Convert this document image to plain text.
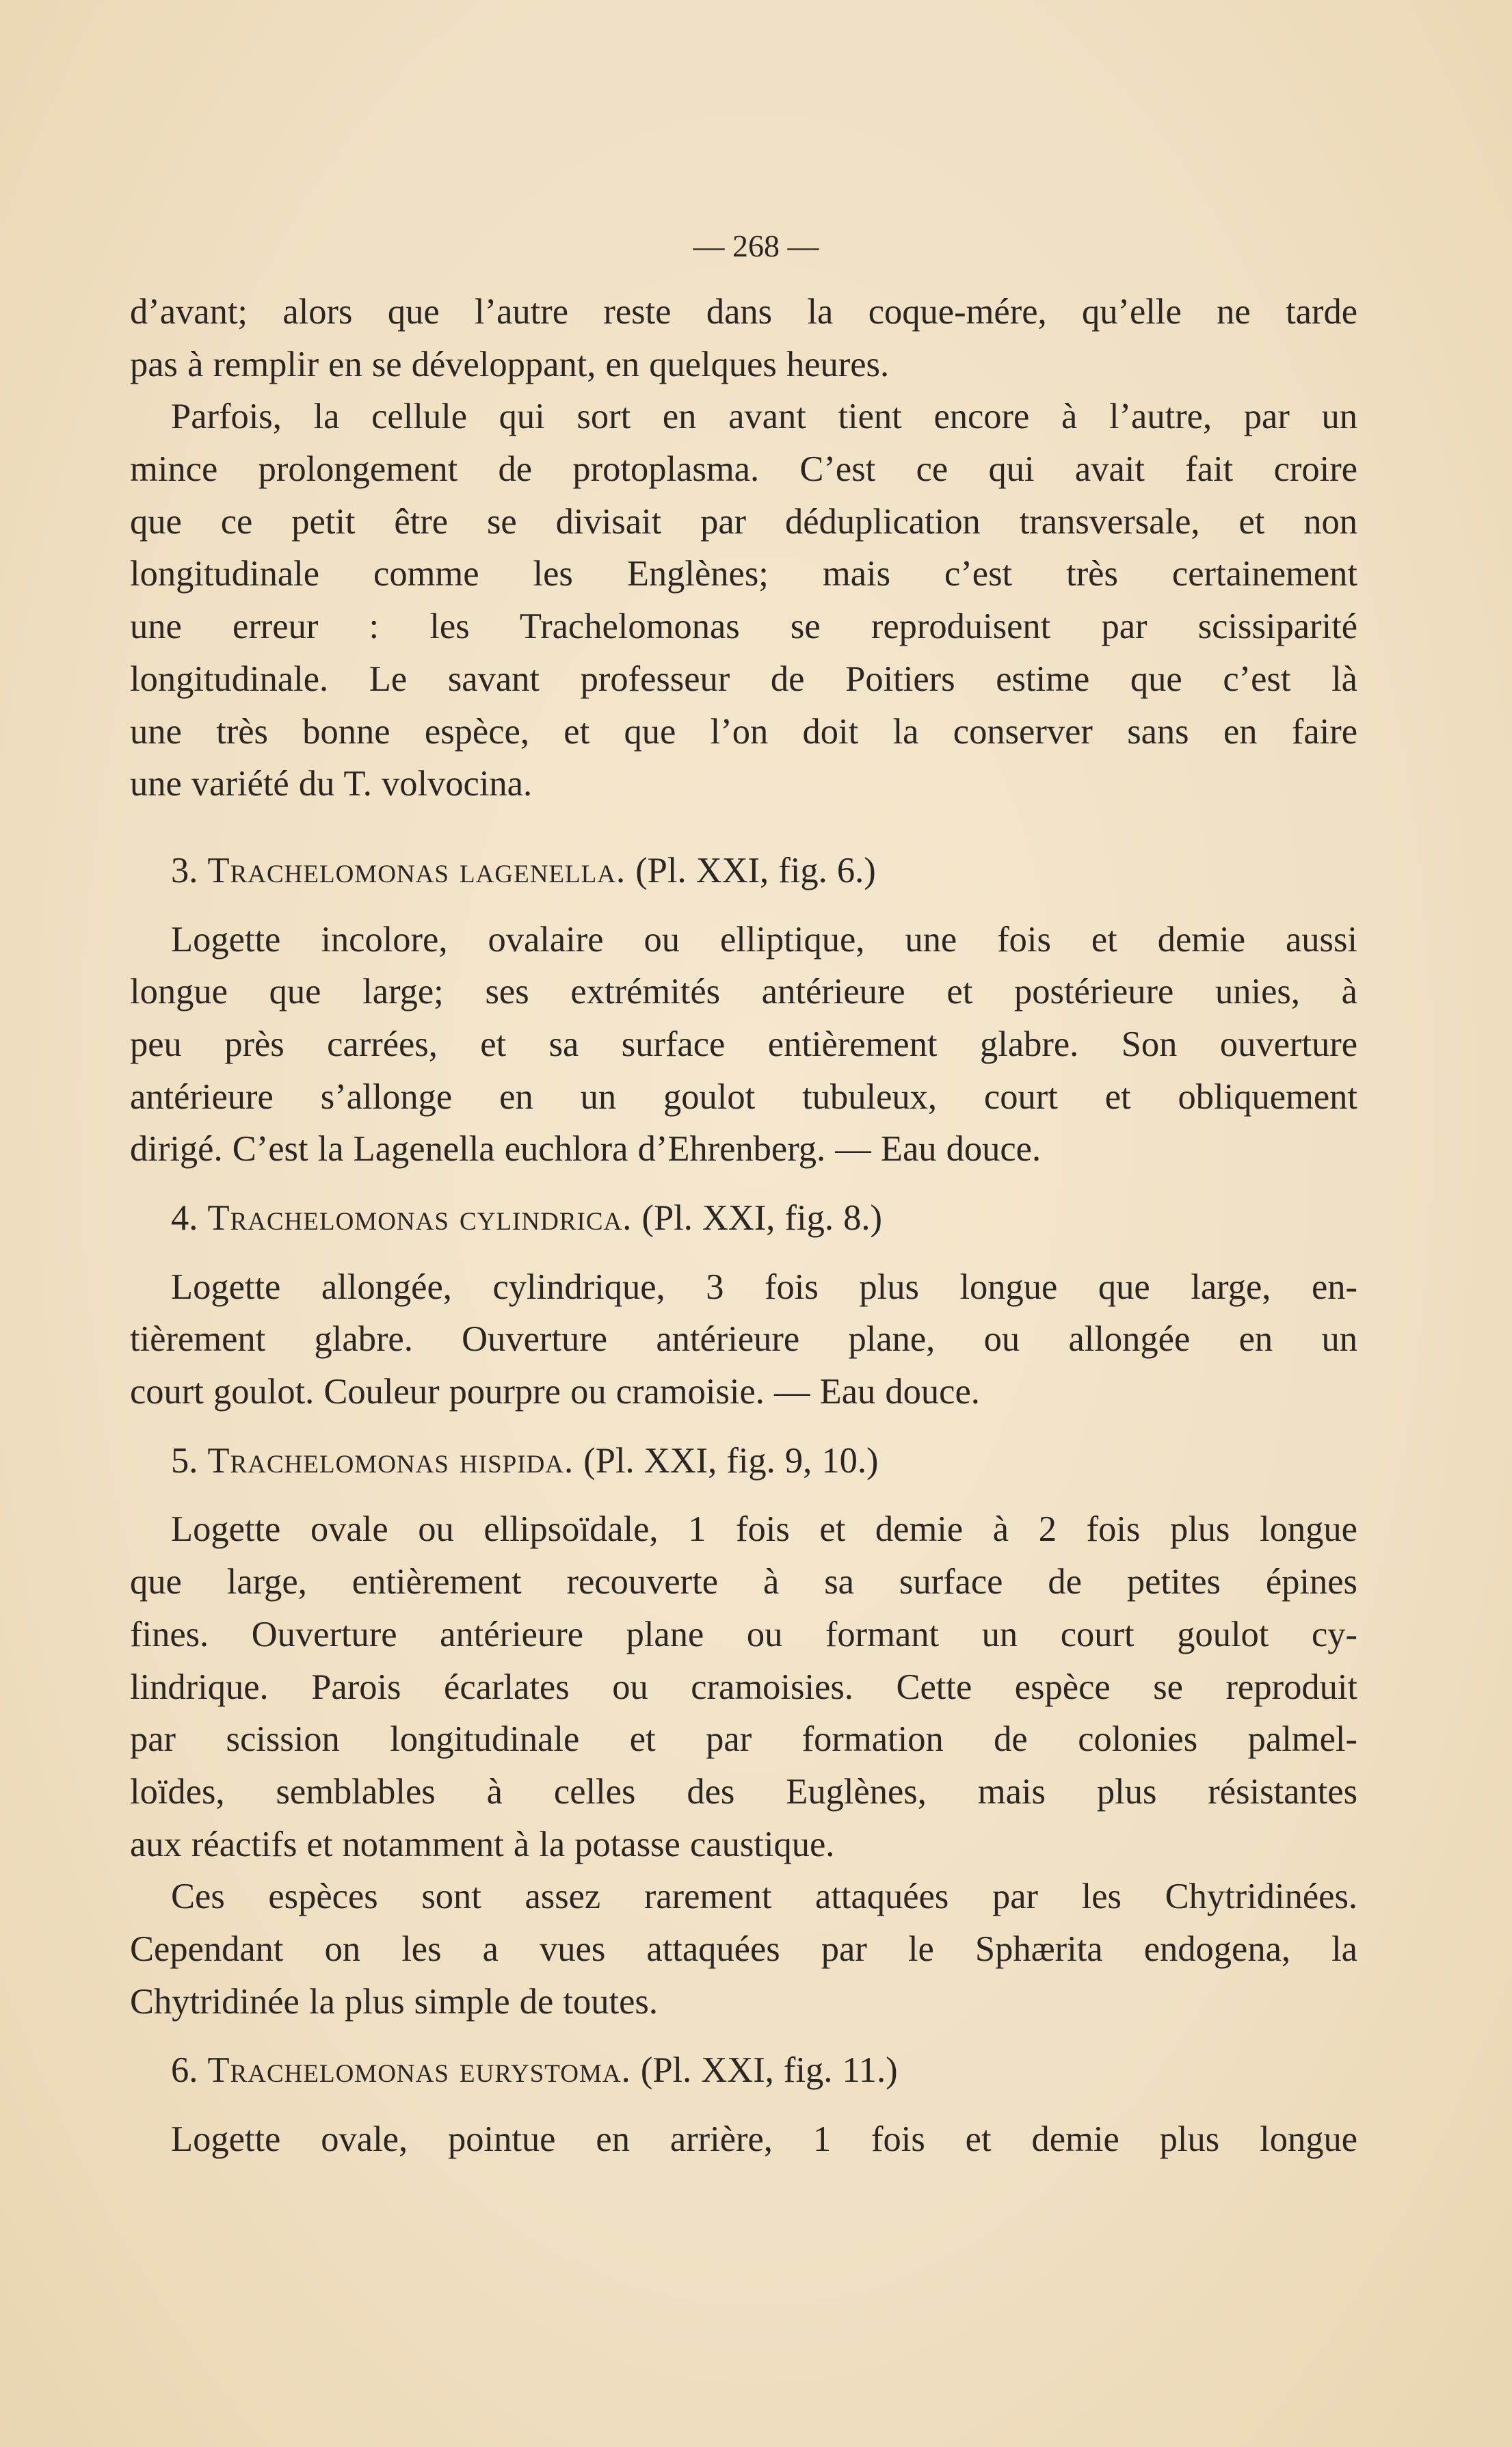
— 268 —
d’avant; alors que l’autre reste dans la coque-mére, qu’elle ne tarde
pas à remplir en se développant, en quelques heures.
Parfois, la cellule qui sort en avant tient encore à l’autre, par un
mince prolongement de protoplasma. C’est ce qui avait fait croire
que ce petit être se divisait par déduplication transversale, et non
longitudinale comme les Englènes; mais c’est très certainement
une erreur : les Trachelomonas se reproduisent par scissiparité
longitudinale. Le savant professeur de Poitiers estime que c’est là
une très bonne espèce, et que l’on doit la conserver sans en faire
une variété du T. volvocina.
3. Trachelomonas lagenella. (Pl. XXI, fig. 6.)
Logette incolore, ovalaire ou elliptique, une fois et demie aussi
longue que large; ses extrémités antérieure et postérieure unies, à
peu près carrées, et sa surface entièrement glabre. Son ouverture
antérieure s’allonge en un goulot tubuleux, court et obliquement
dirigé. C’est la Lagenella euchlora d’Ehrenberg. — Eau douce.
4. Trachelomonas cylindrica. (Pl. XXI, fig. 8.)
Logette allongée, cylindrique, 3 fois plus longue que large, en-
tièrement glabre. Ouverture antérieure plane, ou allongée en un
court goulot. Couleur pourpre ou cramoisie. — Eau douce.
5. Trachelomonas hispida. (Pl. XXI, fig. 9, 10.)
Logette ovale ou ellipsoïdale, 1 fois et demie à 2 fois plus longue
que large, entièrement recouverte à sa surface de petites épines
fines. Ouverture antérieure plane ou formant un court goulot cy-
lindrique. Parois écarlates ou cramoisies. Cette espèce se reproduit
par scission longitudinale et par formation de colonies palmel-
loïdes, semblables à celles des Euglènes, mais plus résistantes
aux réactifs et notamment à la potasse caustique.
Ces espèces sont assez rarement attaquées par les Chytridinées.
Cependant on les a vues attaquées par le Sphærita endogena, la
Chytridinée la plus simple de toutes.
6. Trachelomonas eurystoma. (Pl. XXI, fig. 11.)
Logette ovale, pointue en arrière, 1 fois et demie plus longue
